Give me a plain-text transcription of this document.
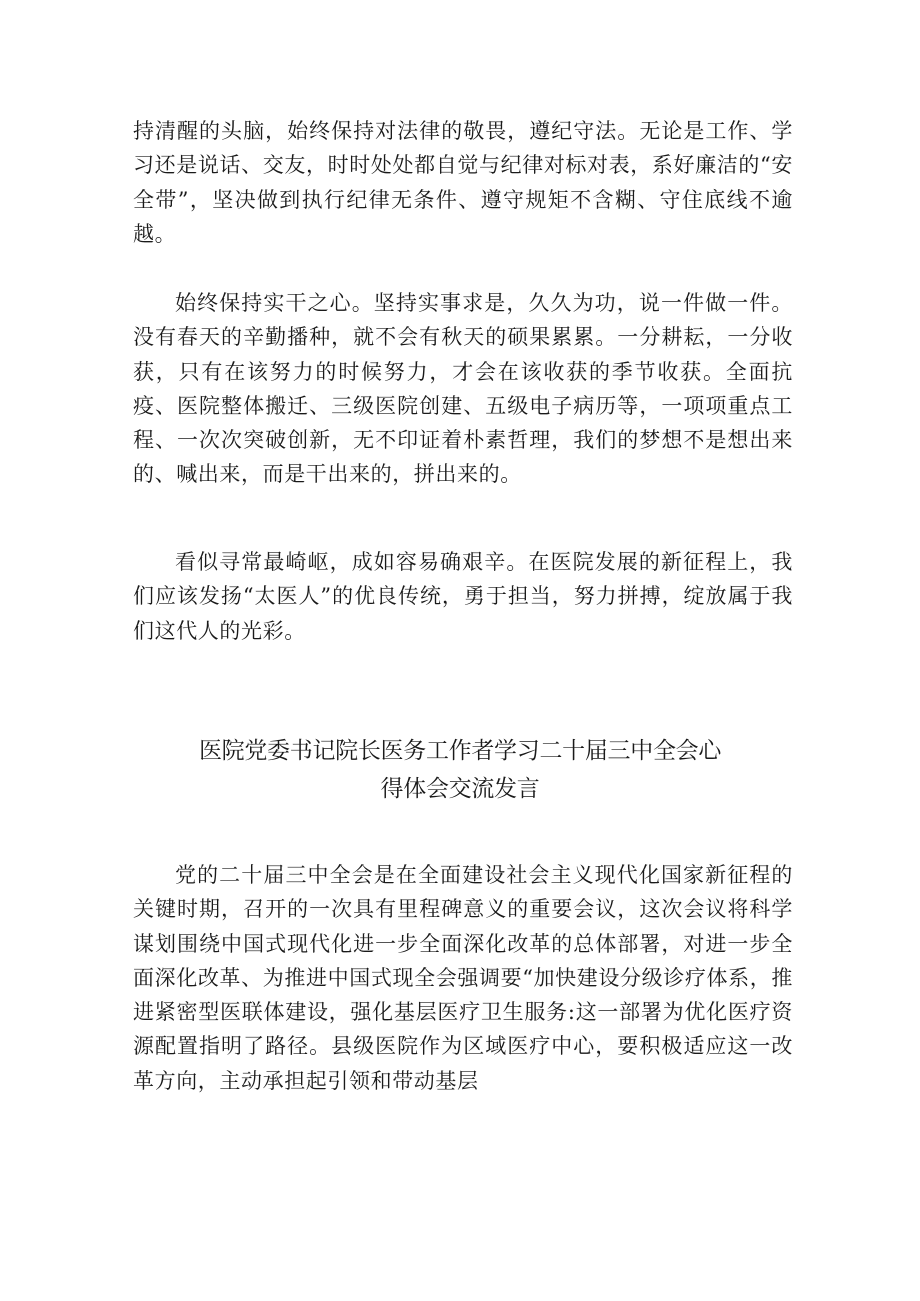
持清醒的头脑，始终保持对法律的敬畏，遵纪守法。无论是工作、学习还是说话、交友，时时处处都自觉与纪律对标对表，系好廉洁的“安全带”，坚决做到执行纪律无条件、遵守规矩不含糊、守住底线不逾越。

始终保持实干之心。坚持实事求是，久久为功，说一件做一件。没有春天的辛勤播种，就不会有秋天的硕果累累。一分耕耘，一分收获，只有在该努力的时候努力，才会在该收获的季节收获。全面抗疫、医院整体搬迁、三级医院创建、五级电子病历等，一项项重点工程、一次次突破创新，无不印证着朴素哲理，我们的梦想不是想出来的、喊出来，而是干出来的，拼出来的。

看似寻常最崎岖，成如容易确艰辛。在医院发展的新征程上，我们应该发扬“太医人”的优良传统，勇于担当，努力拼搏，绽放属于我们这代人的光彩。

医院党委书记院长医务工作者学习二十届三中全会心
得体会交流发言

党的二十届三中全会是在全面建设社会主义现代化国家新征程的关键时期，召开的一次具有里程碑意义的重要会议，这次会议将科学谋划围绕中国式现代化进一步全面深化改革的总体部署，对进一步全面深化改革、为推进中国式现全会强调要“加快建设分级诊疗体系，推进紧密型医联体建设，强化基层医疗卫生服务:这一部署为优化医疗资源配置指明了路径。县级医院作为区域医疗中心，要积极适应这一改革方向，主动承担起引领和带动基层
